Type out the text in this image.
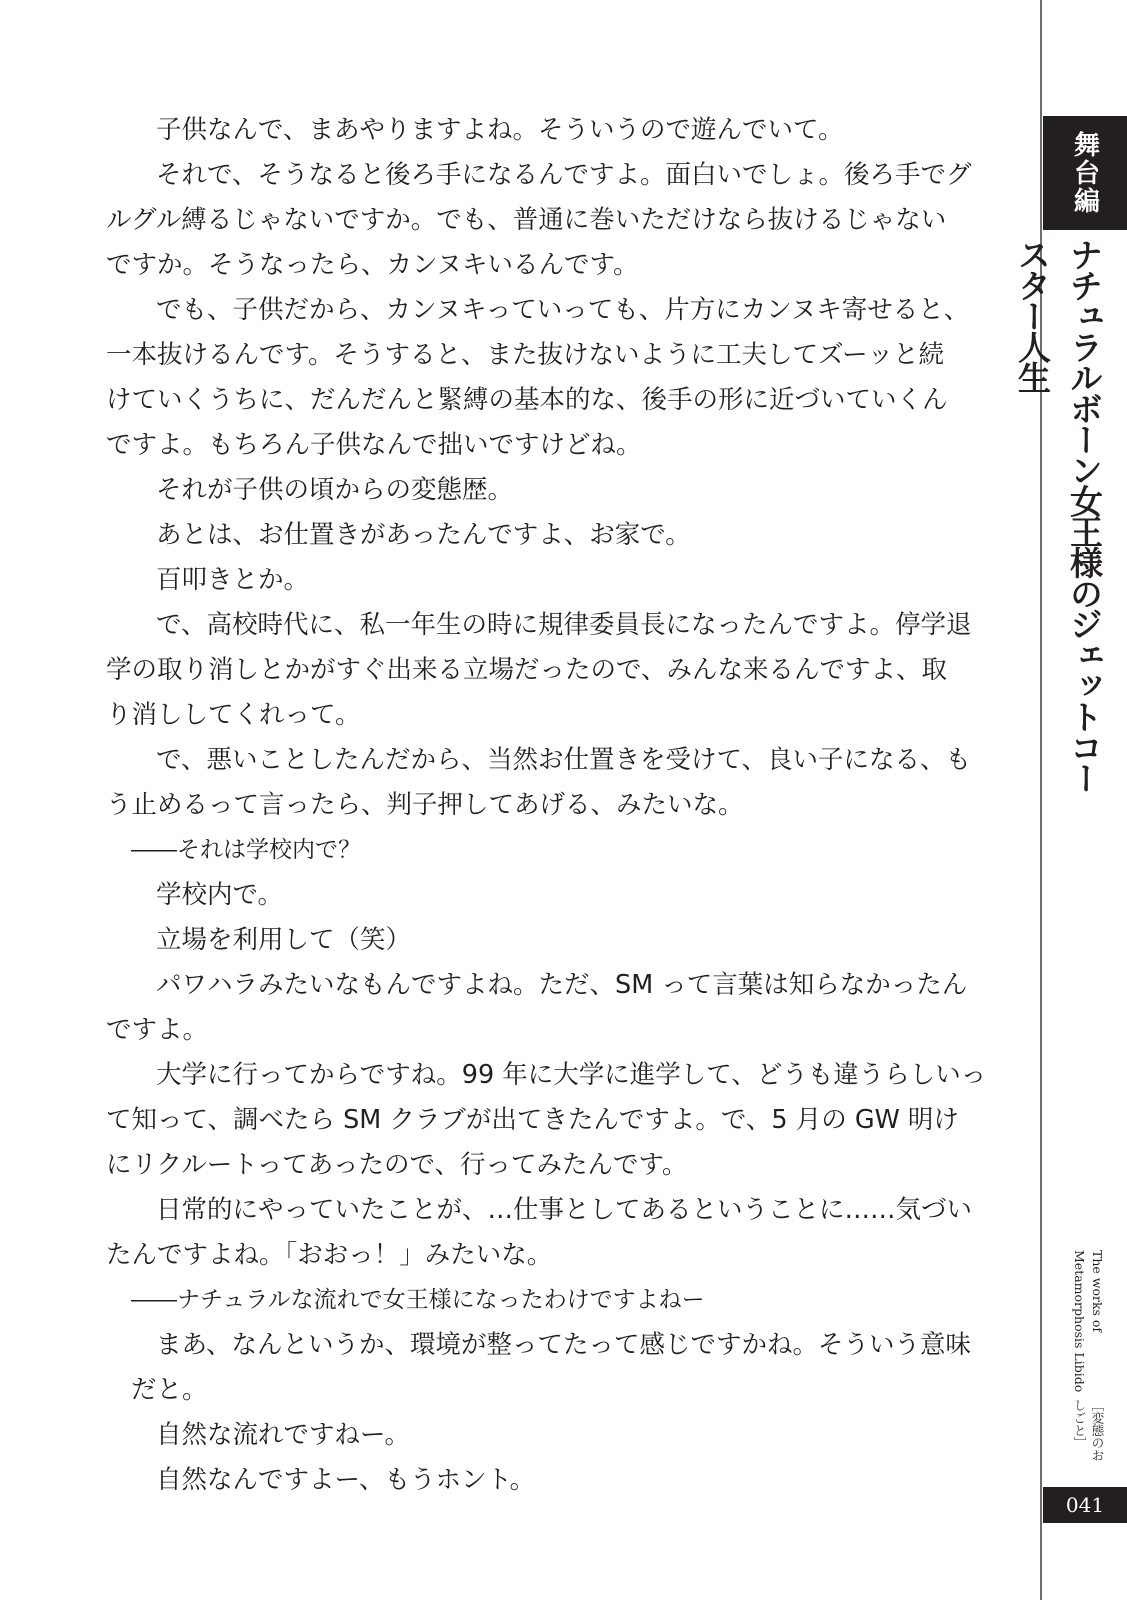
子供なんで、まあやりますよね。そういうので遊んでいて。

それで、そうなると後ろ手になるんですよ。面白いでしょ。後ろ手でグ
ルグル縛るじゃないですか。でも、普通に巻いただけなら抜けるじゃない
ですか。そうなったら、カンヌキいるんです。

でも、子供だから、カンヌキっていっても、片方にカンヌキ寄せると、
一本抜けるんです。そうすると、また抜けないように工夫してズーッと続
けていくうちに、だんだんと緊縛の基本的な、後手の形に近づいていくん
ですよ。もちろん子供なんで拙いですけどね。

それが子供の頃からの変態歴。

あとは、お仕置きがあったんですよ、お家で。

百叩きとか。

で、高校時代に、私一年生の時に規律委員長になったんですよ。停学退
学の取り消しとかがすぐ出来る立場だったので、みんな来るんですよ、取
り消ししてくれって。

で、悪いことしたんだから、当然お仕置きを受けて、良い子になる、も
う止めるって言ったら、判子押してあげる、みたいな。

――それは学校内で？

学校内で。

立場を利用して（笑）

パワハラみたいなもんですよね。ただ、SM って言葉は知らなかったん
ですよ。

大学に行ってからですね。99 年に大学に進学して、どうも違うらしいっ
て知って、調べたら SM クラブが出てきたんですよ。で、5 月の GW 明け
にリクルートってあったので、行ってみたんです。

日常的にやっていたことが、…仕事としてあるということに……気づい
たんですよね。「おおっ！」みたいな。

――ナチュラルな流れで女王様になったわけですよねー

まあ、なんというか、環境が整ってたって感じですかね。そういう意味だと。

自然な流れですねー。

自然なんですよー、もうホント。

舞台編
ナチュラルボーン女王様のジェットコースター人生
The works of Metamorphosis Libido
［変態のおしごと］
041
